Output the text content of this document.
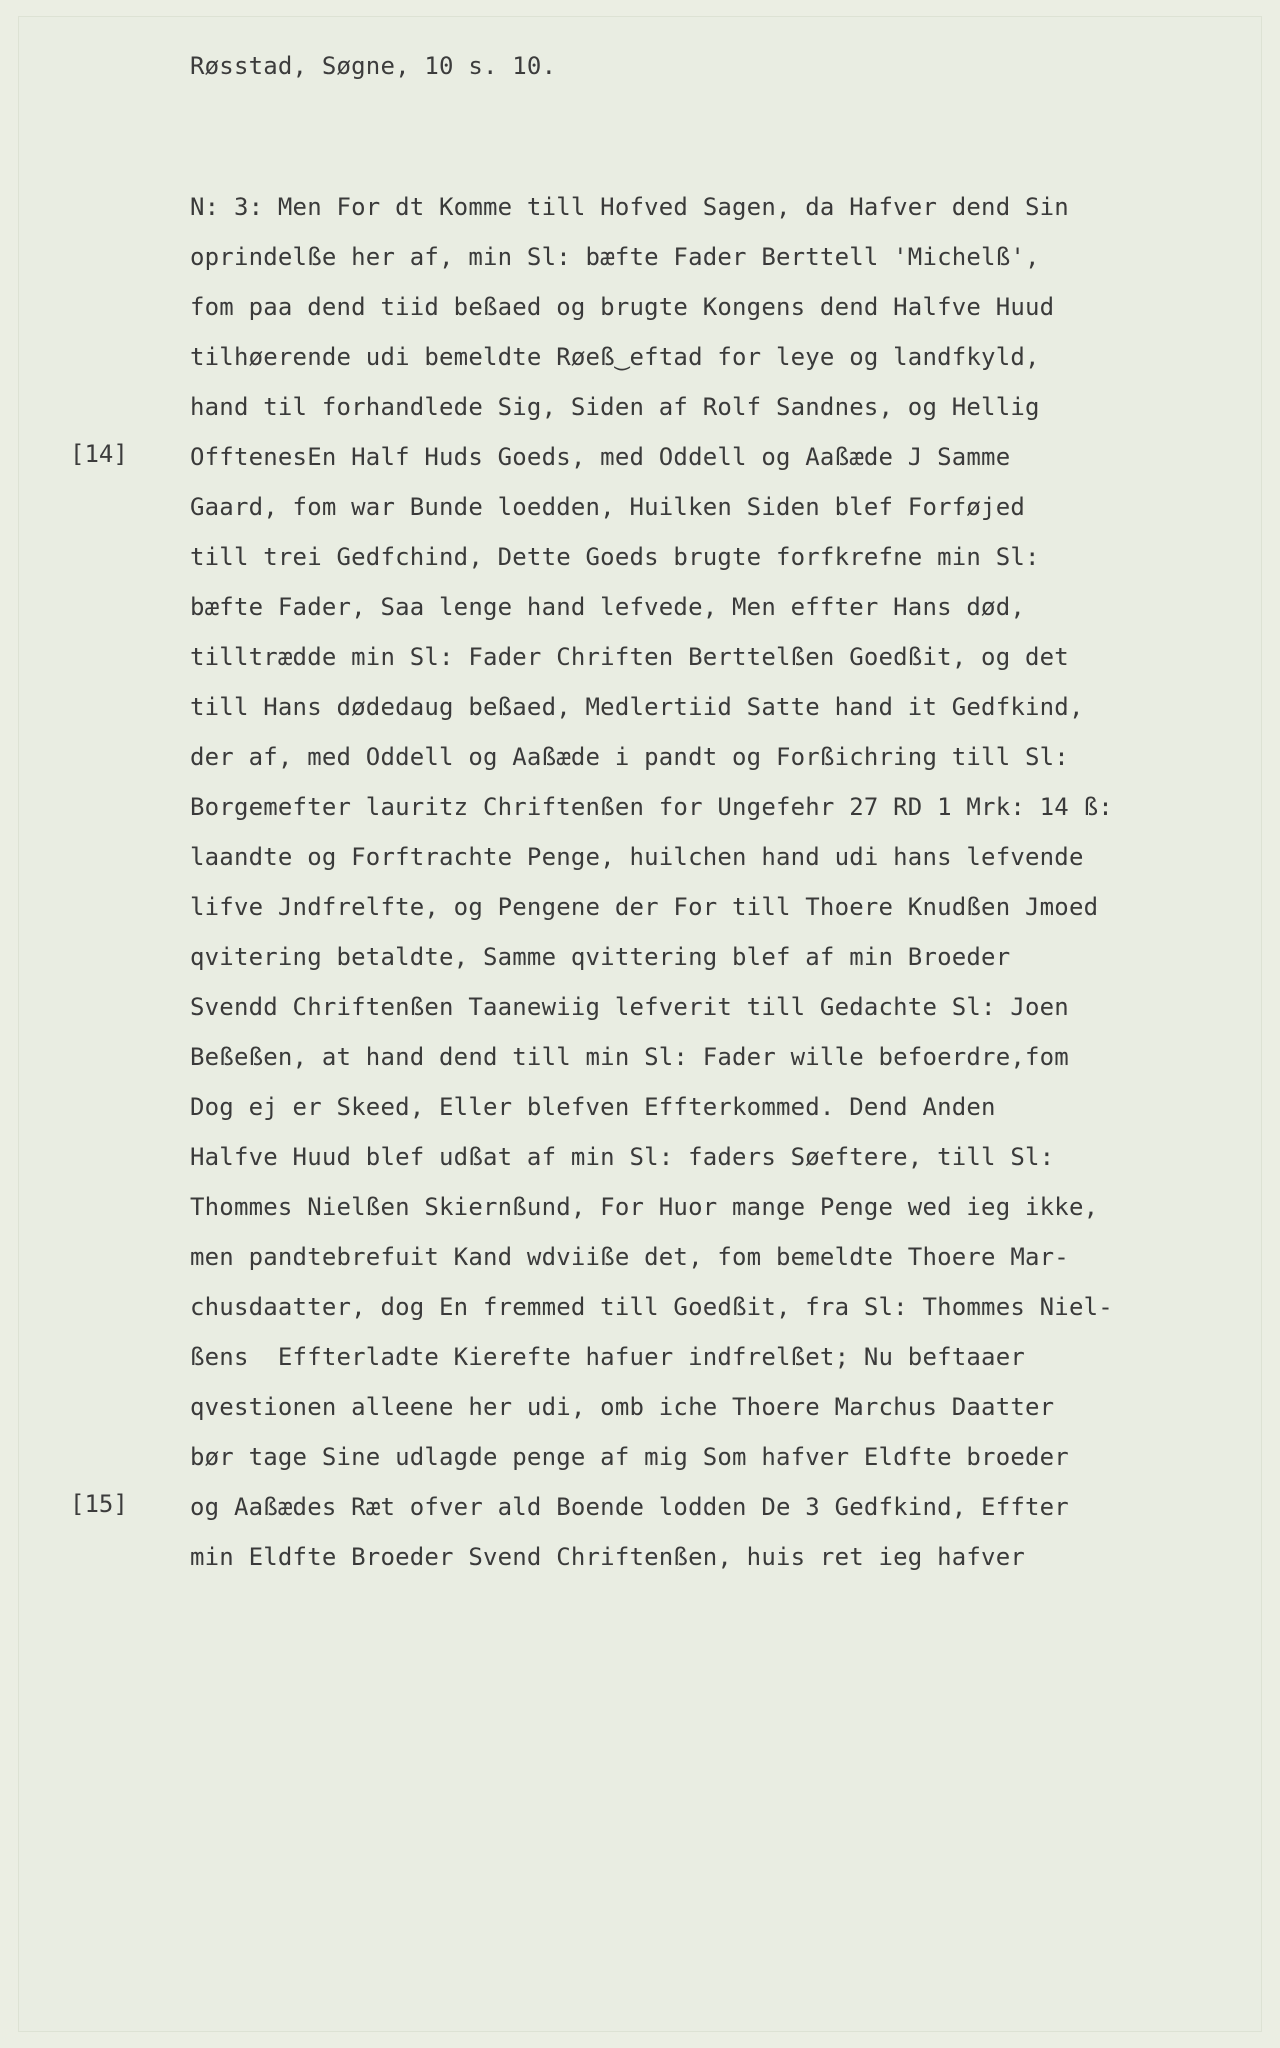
Røsstad, Søgne, 10 s. 10.
[14]
[15]
N: 3: Men For dt Komme till Hofved Sagen, da Hafver dend Sin
oprindelße her af, min Sl: bæfte Fader Berttell 'Michelß',
fom paa dend tiid beßaed og brugte Kongens dend Halfve Huud
tilhøerende udi bemeldte Røeß‿eftad for leye og landfkyld,
hand til forhandlede Sig, Siden af Rolf Sandnes, og Hellig
OfftenesEn Half Huds Goeds, med Oddell og Aaßæde J Samme
Gaard, fom war Bunde loedden, Huilken Siden blef Forføjed
till trei Gedfchind, Dette Goeds brugte forfkrefne min Sl:
bæfte Fader, Saa lenge hand lefvede, Men effter Hans død,
tilltrædde min Sl: Fader Chriften Berttelßen Goedßit, og det
till Hans dødedaug beßaed, Medlertiid Satte hand it Gedfkind,
der af, med Oddell og Aaßæde i pandt og Forßichring till Sl:
Borgemefter lauritz Chriftenßen for Ungefehr 27 RD 1 Mrk: 14 ß:
laandte og Forftrachte Penge, huilchen hand udi hans lefvende
lifve Jndfrelfte, og Pengene der For till Thoere Knudßen Jmoed
qvitering betaldte, Samme qvittering blef af min Broeder
Svendd Chriftenßen Taanewiig lefverit till Gedachte Sl: Joen
Beßeßen, at hand dend till min Sl: Fader wille befoerdre,fom
Dog ej er Skeed, Eller blefven Effterkommed. Dend Anden
Halfve Huud blef udßat af min Sl: faders Søeftere, till Sl:
Thommes Nielßen Skiernßund, For Huor mange Penge wed ieg ikke,
men pandtebrefuit Kand wdviiße det, fom bemeldte Thoere Mar-
chusdaatter, dog En fremmed till Goedßit, fra Sl: Thommes Niel-
ßens  Effterladte Kierefte hafuer indfrelßet; Nu beftaaer
qvestionen alleene her udi, omb iche Thoere Marchus Daatter
bør tage Sine udlagde penge af mig Som hafver Eldfte broeder
og Aaßædes Ræt ofver ald Boende lodden De 3 Gedfkind, Effter
min Eldfte Broeder Svend Chriftenßen, huis ret ieg hafver
